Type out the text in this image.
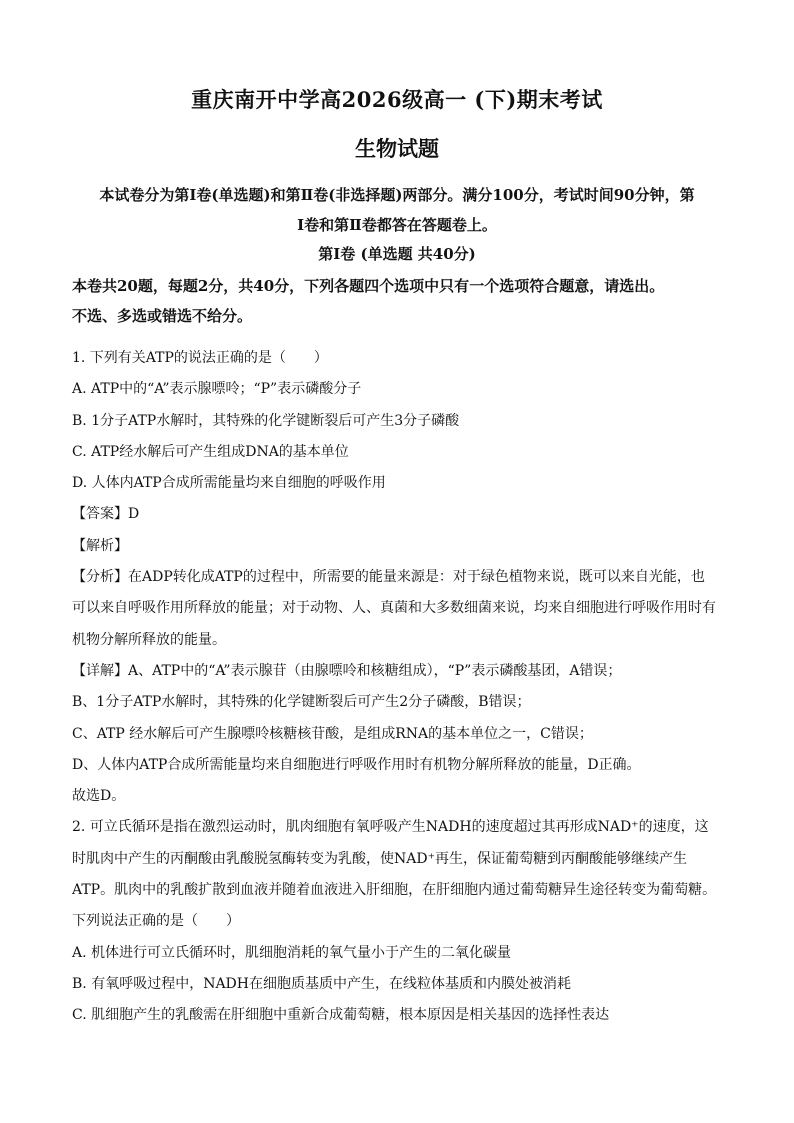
重庆南开中学高2026级高一 (下)期末考试
生物试题
本试卷分为第Ⅰ卷(单选题)和第Ⅱ卷(非选择题)两部分。满分100分，考试时间90分钟，第
Ⅰ卷和第Ⅱ卷都答在答题卷上。
第Ⅰ卷 (单选题 共40分)
本卷共20题，每题2分，共40分，下列各题四个选项中只有一个选项符合题意，请选出。
不选、多选或错选不给分。

1. 下列有关ATP的说法正确的是（　　）

A. ATP中的“A”表示腺嘌呤；“P”表示磷酸分子

B. 1分子ATP水解时，其特殊的化学键断裂后可产生3分子磷酸

C. ATP经水解后可产生组成DNA的基本单位

D. 人体内ATP合成所需能量均来自细胞的呼吸作用

【答案】D

【解析】

【分析】在ADP转化成ATP的过程中，所需要的能量来源是：对于绿色植物来说，既可以来自光能，也

可以来自呼吸作用所释放的能量；对于动物、人、真菌和大多数细菌来说，均来自细胞进行呼吸作用时有

机物分解所释放的能量。

【详解】A、ATP中的“A”表示腺苷（由腺嘌呤和核糖组成），“P”表示磷酸基团，A错误；

B、1分子ATP水解时，其特殊的化学键断裂后可产生2分子磷酸，B错误；

C、ATP 经水解后可产生腺嘌呤核糖核苷酸，是组成RNA的基本单位之一，C错误；

D、人体内ATP合成所需能量均来自细胞进行呼吸作用时有机物分解所释放的能量，D正确。

故选D。

2. 可立氏循环是指在激烈运动时，肌肉细胞有氧呼吸产生NADH的速度超过其再形成NAD⁺的速度，这

时肌肉中产生的丙酮酸由乳酸脱氢酶转变为乳酸，使NAD⁺再生，保证葡萄糖到丙酮酸能够继续产生

ATP。肌肉中的乳酸扩散到血液并随着血液进入肝细胞，在肝细胞内通过葡萄糖异生途径转变为葡萄糖。

下列说法正确的是（　　）

A. 机体进行可立氏循环时，肌细胞消耗的氧气量小于产生的二氧化碳量

B. 有氧呼吸过程中，NADH在细胞质基质中产生，在线粒体基质和内膜处被消耗

C. 肌细胞产生的乳酸需在肝细胞中重新合成葡萄糖，根本原因是相关基因的选择性表达
